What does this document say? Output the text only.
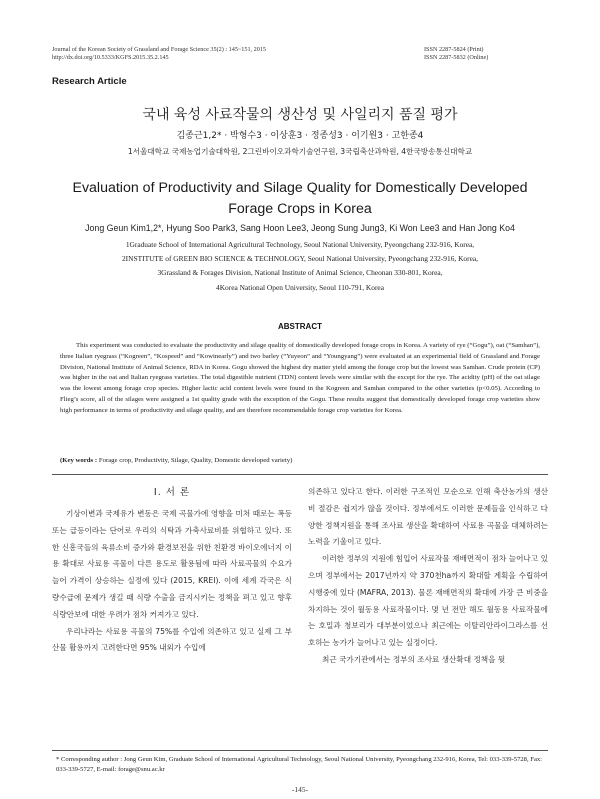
Journal of the Korean Society of Grassland and Forage Science 35(2) : 145~151, 2015
http://dx.doi.org/10.5333/KGFS.2015.35.2.145
ISSN 2287-5824 (Print)
ISSN 2287-5832 (Online)
Research Article
국내 육성 사료작물의 생산성 및 사일리지 품질 평가
김종근1,2* · 박형수3 · 이상훈3 · 정종성3 · 이기원3 · 고한종4
1서울대학교 국제농업기술대학원, 2그린바이오과학기술연구원, 3국립축산과학원, 4한국방송통신대학교
Evaluation of Productivity and Silage Quality for Domestically Developed Forage Crops in Korea
Jong Geun Kim1,2*, Hyung Soo Park3, Sang Hoon Lee3, Jeong Sung Jung3, Ki Won Lee3 and Han Jong Ko4
1Graduate School of International Agricultural Technology, Seoul National University, Pyeongchang 232-916, Korea,
2INSTITUTE of GREEN BIO SCIENCE & TECHNOLOGY, Seoul National University, Pyeongchang 232-916, Korea,
3Grassland & Forages Division, National Institute of Animal Science, Cheonan 330-801, Korea,
4Korea National Open University, Seoul 110-791, Korea
ABSTRACT
This experiment was conducted to evaluate the productivity and silage quality of domestically developed forage crops in Korea. A variety of rye (“Gogu”), oat (“Samhan”), three Italian ryegrass (“Kogreen”, “Kospeed” and “Kowinearly”) and two barley (“Yuyeon” and “Youngyang”) were evaluated at an experimental field of Grassland and Forage Division, National Institute of Animal Science, RDA in Korea. Gogu showed the highest dry matter yield among the forage crop but the lowest was Samhan. Crude protein (CP) was higher in the oat and Italian ryegrass varieties. The total digestible nutrient (TDN) content levels were similar with the except for the rye. The acidity (pH) of the oat silage was the lowest among forage crop species. Higher lactic acid content levels were found in the Kogreen and Samhan compared to the other varieties (p<0.05). According to Flieg’s score, all of the silages were assigned a 1st quality grade with the exception of the Gogu. These results suggest that domestically developed forage crop varieties show high performance in terms of productivity and silage quality, and are therefore recommendable forage crop varieties for Korea.
(Key words : Forage crop, Productivity, Silage, Quality, Domestic developed variety)
Ⅰ. 서 론

기상이변과 국제유가 변동은 국제 곡물가에 영향을 미쳐 때로는 폭등 또는 급등이라는 단어로 우리의 식탁과 가축사료비를 위협하고 있다. 또한 신흥국들의 육류소비 증가와 환경보전을 위한 친환경 바이오에너지 이용 확대로 사료용 곡물이 다른 용도로 활용됨에 따라 사료곡물의 수요가 늘어 가격이 상승하는 실정에 있다 (2015, KREI). 이에 세계 각국은 식량수급에 문제가 생길 때 식량 수출을 금지시키는 정책을 펴고 있고 향후 식량안보에 대한 우려가 점차 커져가고 있다.

우리나라는 사료용 곡물의 75%를 수입에 의존하고 있고 실제 그 부산물 활용까지 고려한다면 95% 내외가 수입에

의존하고 있다고 한다. 이러한 구조적인 모순으로 인해 축산농가의 생산비 절감은 쉽지가 않을 것이다. 정부에서도 이러한 문제들을 인식하고 다양한 정책지원을 통해 조사료 생산을 확대하여 사료용 곡물을 대체하려는 노력을 기울이고 있다.

이러한 정부의 지원에 힘입어 사료작물 재배면적이 점차 늘어나고 있으며 정부에서는 2017년까지 약 370천ha까지 확대할 계획을 수립하여 시행중에 있다 (MAFRA, 2013). 물론 재배면적의 확대에 가장 큰 비중을 차지하는 것이 월동용 사료작물이다. 몇 년 전만 해도 월동용 사료작물에는 호밀과 청보리가 대부분이었으나 최근에는 이탈리안라이그라스를 선호하는 농가가 늘어나고 있는 실정이다.

최근 국가기관에서는 정부의 조사료 생산확대 정책을 뒷

* Corresponding author : Jong Geun Kim, Graduate School of International Agricultural Technology, Seoul National University, Pyeongchang 232-916, Korea, Tel: 033-339-5728, Fax: 033-339-5727, E-mail: forage@snu.ac.kr
-145-
